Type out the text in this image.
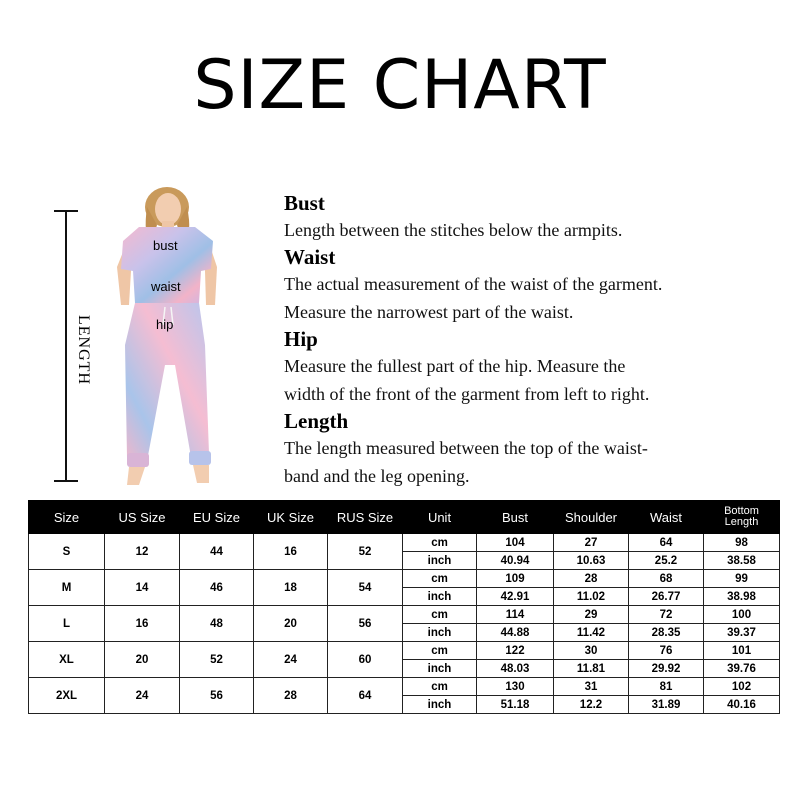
SIZE CHART
LENGTH
bust
waist
hip
Bust
Length between the stitches below the armpits.
Waist
The actual measurement of the waist of the garment.
Measure the narrowest part of the waist.
Hip
Measure the fullest part of the hip. Measure the
width of the front of the garment from left to right.
Length
The length measured between the top of the waist-
band and the leg opening.
Size	US Size	EU Size	UK Size	RUS Size	Unit	Bust	Shoulder	Waist	Bottom
Length
S	12	44	16	52	cm	104	27	64	98
					inch	40.94	10.63	25.2	38.58
M	14	46	18	54	cm	109	28	68	99
					inch	42.91	11.02	26.77	38.98
L	16	48	20	56	cm	114	29	72	100
					inch	44.88	11.42	28.35	39.37
XL	20	52	24	60	cm	122	30	76	101
					inch	48.03	11.81	29.92	39.76
2XL	24	56	28	64	cm	130	31	81	102
					inch	51.18	12.2	31.89	40.16
